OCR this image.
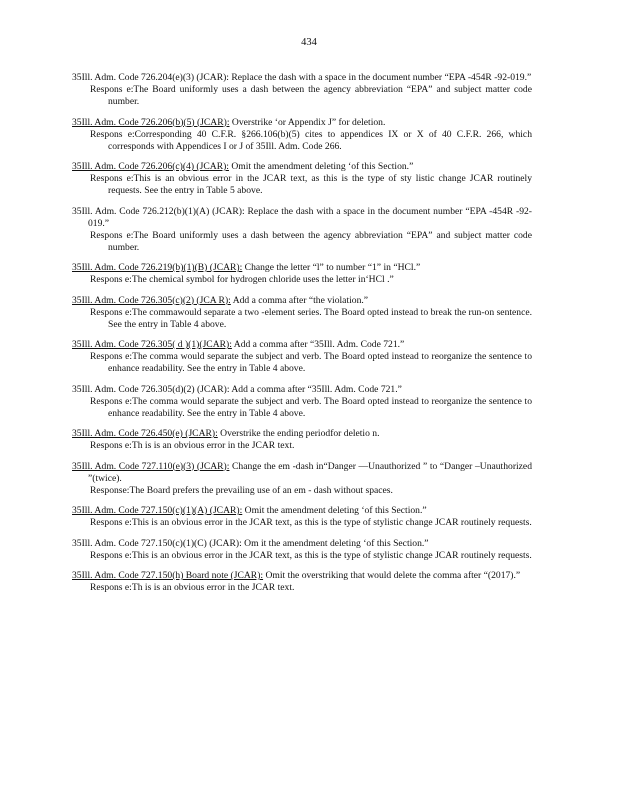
434
35Ill. Adm. Code 726.204(e)(3) (JCAR): Replace the dash with a space in the document number “EPA -454R -92-019.”
Respons e:The Board uniformly uses a dash between the agency abbreviation “EPA” and subject matter code number.
35Ill. Adm. Code 726.206(b)(5) (JCAR): Overstrike ‘or Appendix J” for deletion.
Respons e:Corresponding 40 C.F.R. §266.106(b)(5) cites to appendices IX or X of 40 C.F.R. 266, which corresponds with Appendices I or J of 35Ill. Adm. Code 266.
35Ill. Adm. Code 726.206(c)(4) (JCAR): Omit the amendment deleting ‘of this Section.”
Respons e:This is an obvious error in the JCAR text, as this is the type of sty listic change JCAR routinely requests. See the entry in Table 5 above.
35Ill. Adm. Code 726.212(b)(1)(A) (JCAR): Replace the dash with a space in the document number “EPA -454R -92-019.”
Respons e:The Board uniformly uses a dash between the agency abbreviation “EPA” and subject matter code number.
35Ill. Adm. Code 726.219(b)(1)(B) (JCAR): Change the letter “l” to number “1” in “HCl.”
Respons e:The chemical symbol for hydrogen chloride uses the letter in‘HCl .”
35Ill. Adm. Code 726.305(c)(2) (JCA R): Add a comma after “the violation.”
Respons e:The commawould separate a two -element series. The Board opted instead to break the run-on sentence. See the entry in Table 4 above.
35Ill. Adm. Code 726.305( d )(1)(JCAR): Add a comma after “35Ill. Adm. Code 721.”
Respons e:The comma would separate the subject and verb. The Board opted instead to reorganize the sentence to enhance readability. See the entry in Table 4 above.
35Ill. Adm. Code 726.305(d)(2) (JCAR): Add a comma after “35Ill. Adm. Code 721.”
Respons e:The comma would separate the subject and verb. The Board opted instead to reorganize the sentence to enhance readability. See the entry in Table 4 above.
35Ill. Adm. Code 726.450(e) (JCAR): Overstrike the ending periodfor deletio n.
Respons e:Th is is an obvious error in the JCAR text.
35Ill. Adm. Code 727.110(e)(3) (JCAR): Change the em -dash in“Danger —Unauthorized ” to “Danger –Unauthorized ”(twice).
Response:The Board prefers the prevailing use of an em - dash without spaces.
35Ill. Adm. Code 727.150(c)(1)(A) (JCAR): Omit the amendment deleting ‘of this Section.”
Respons e:This is an obvious error in the JCAR text, as this is the type of stylistic change JCAR routinely requests.
35Ill. Adm. Code 727.150(c)(1)(C) (JCAR): Om it the amendment deleting ‘of this Section.”
Respons e:This is an obvious error in the JCAR text, as this is the type of stylistic change JCAR routinely requests.
35Ill. Adm. Code 727.150(h) Board note (JCAR): Omit the overstriking that would delete the comma after “(2017).”
Respons e:Th is is an obvious error in the JCAR text.
